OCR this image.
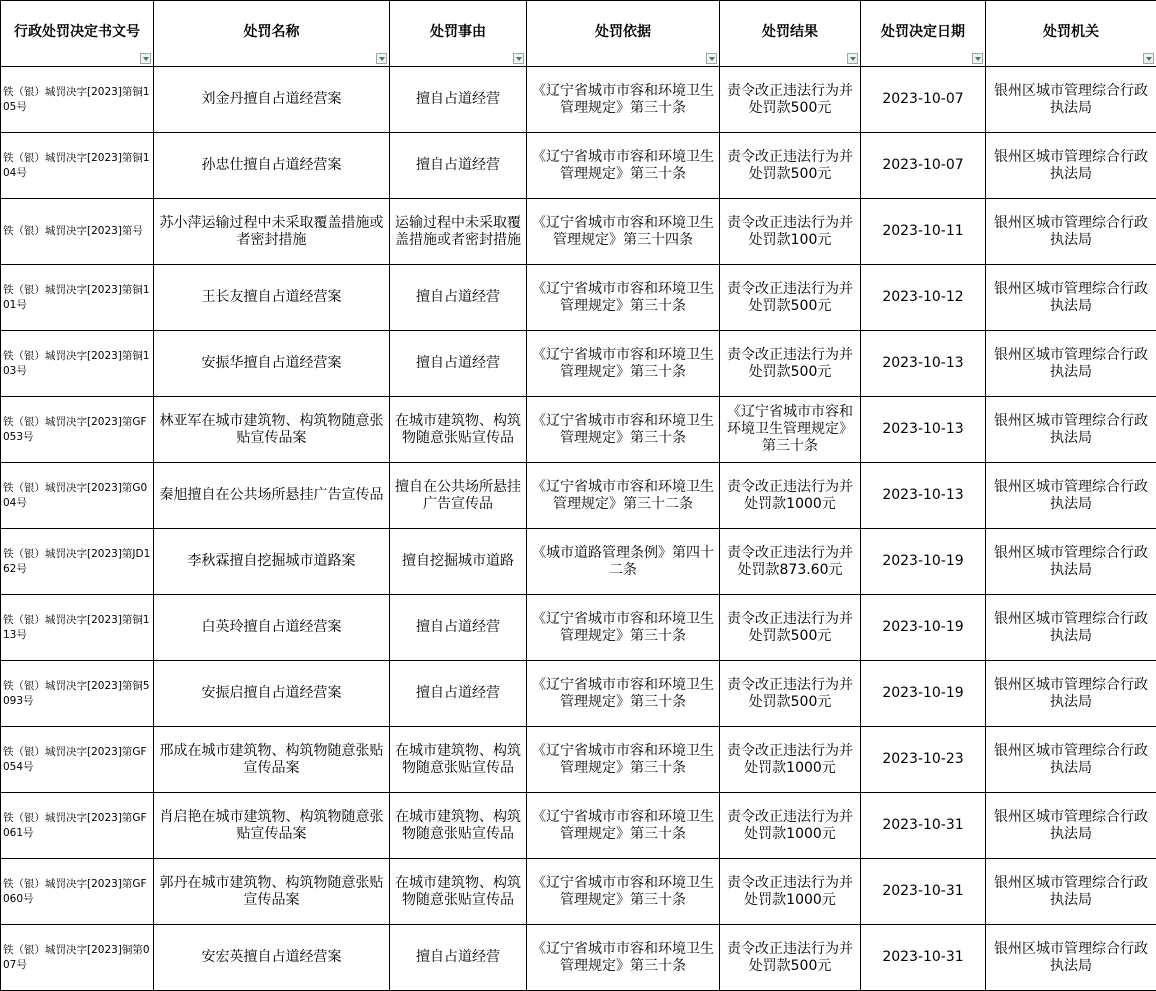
行政处罚决定书文号	处罚名称	处罚事由	处罚依据	处罚结果	处罚决定日期	处罚机关

铁（银）城罚决字[2023]第铜105号	刘金丹擅自占道经营案	擅自占道经营	《辽宁省城市市容和环境卫生管理规定》第三十条	责令改正违法行为并处罚款500元	2023-10-07	银州区城市管理综合行政执法局
铁（银）城罚决字[2023]第铜104号	孙忠仕擅自占道经营案	擅自占道经营	《辽宁省城市市容和环境卫生管理规定》第三十条	责令改正违法行为并处罚款500元	2023-10-07	银州区城市管理综合行政执法局
铁（银）城罚决字[2023]第号	苏小萍运输过程中未采取覆盖措施或者密封措施	运输过程中未采取覆盖措施或者密封措施	《辽宁省城市市容和环境卫生管理规定》第三十四条	责令改正违法行为并处罚款100元	2023-10-11	银州区城市管理综合行政执法局
铁（银）城罚决字[2023]第铜101号	王长友擅自占道经营案	擅自占道经营	《辽宁省城市市容和环境卫生管理规定》第三十条	责令改正违法行为并处罚款500元	2023-10-12	银州区城市管理综合行政执法局
铁（银）城罚决字[2023]第铜103号	安振华擅自占道经营案	擅自占道经营	《辽宁省城市市容和环境卫生管理规定》第三十条	责令改正违法行为并处罚款500元	2023-10-13	银州区城市管理综合行政执法局
铁（银）城罚决字[2023]第GF053号	林亚军在城市建筑物、构筑物随意张贴宣传品案	在城市建筑物、构筑物随意张贴宣传品	《辽宁省城市市容和环境卫生管理规定》第三十条	《辽宁省城市市容和环境卫生管理规定》第三十条	2023-10-13	银州区城市管理综合行政执法局
铁（银）城罚决字[2023]第G004号	秦旭擅自在公共场所悬挂广告宣传品	擅自在公共场所悬挂广告宣传品	《辽宁省城市市容和环境卫生管理规定》第三十二条	责令改正违法行为并处罚款1000元	2023-10-13	银州区城市管理综合行政执法局
铁（银）城罚决字[2023]第JD162号	李秋霖擅自挖掘城市道路案	擅自挖掘城市道路	《城市道路管理条例》第四十二条	责令改正违法行为并处罚款873.60元	2023-10-19	银州区城市管理综合行政执法局
铁（银）城罚决字[2023]第铜113号	白英玲擅自占道经营案	擅自占道经营	《辽宁省城市市容和环境卫生管理规定》第三十条	责令改正违法行为并处罚款500元	2023-10-19	银州区城市管理综合行政执法局
铁（银）城罚决字[2023]第铜5093号	安振启擅自占道经营案	擅自占道经营	《辽宁省城市市容和环境卫生管理规定》第三十条	责令改正违法行为并处罚款500元	2023-10-19	银州区城市管理综合行政执法局
铁（银）城罚决字[2023]第GF054号	邢成在城市建筑物、构筑物随意张贴宣传品案	在城市建筑物、构筑物随意张贴宣传品	《辽宁省城市市容和环境卫生管理规定》第三十条	责令改正违法行为并处罚款1000元	2023-10-23	银州区城市管理综合行政执法局
铁（银）城罚决字[2023]第GF061号	肖启艳在城市建筑物、构筑物随意张贴宣传品案	在城市建筑物、构筑物随意张贴宣传品	《辽宁省城市市容和环境卫生管理规定》第三十条	责令改正违法行为并处罚款1000元	2023-10-31	银州区城市管理综合行政执法局
铁（银）城罚决字[2023]第GF060号	郭丹在城市建筑物、构筑物随意张贴宣传品案	在城市建筑物、构筑物随意张贴宣传品	《辽宁省城市市容和环境卫生管理规定》第三十条	责令改正违法行为并处罚款1000元	2023-10-31	银州区城市管理综合行政执法局
铁（银）城罚决字[2023]铜第007号	安宏英擅自占道经营案	擅自占道经营	《辽宁省城市市容和环境卫生管理规定》第三十条	责令改正违法行为并处罚款500元	2023-10-31	银州区城市管理综合行政执法局
